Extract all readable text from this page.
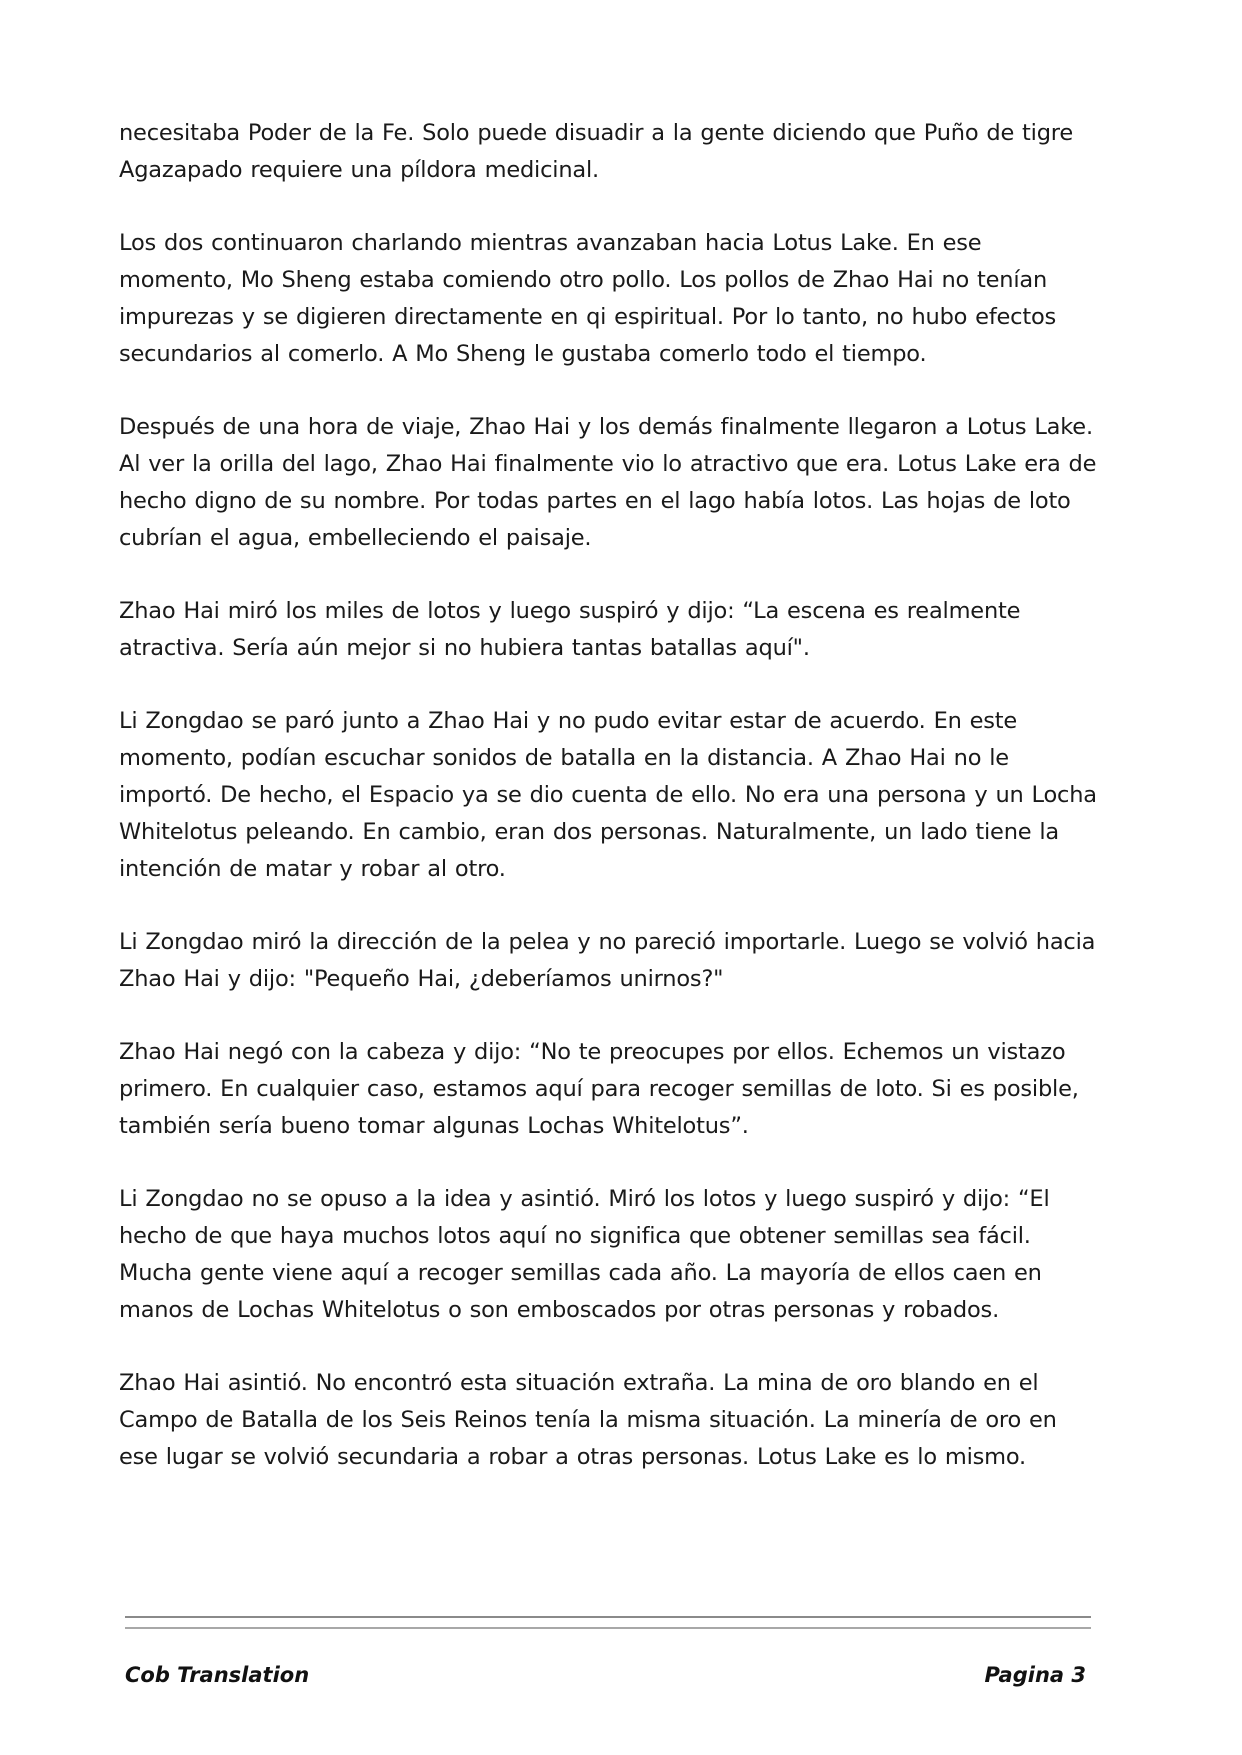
necesitaba Poder de la Fe. Solo puede disuadir a la gente diciendo que Puño de tigre Agazapado requiere una píldora medicinal.

Los dos continuaron charlando mientras avanzaban hacia Lotus Lake. En ese momento, Mo Sheng estaba comiendo otro pollo. Los pollos de Zhao Hai no tenían impurezas y se digieren directamente en qi espiritual. Por lo tanto, no hubo efectos secundarios al comerlo. A Mo Sheng le gustaba comerlo todo el tiempo.

Después de una hora de viaje, Zhao Hai y los demás finalmente llegaron a Lotus Lake. Al ver la orilla del lago, Zhao Hai finalmente vio lo atractivo que era. Lotus Lake era de hecho digno de su nombre. Por todas partes en el lago había lotos. Las hojas de loto cubrían el agua, embelleciendo el paisaje.

Zhao Hai miró los miles de lotos y luego suspiró y dijo: “La escena es realmente atractiva. Sería aún mejor si no hubiera tantas batallas aquí".

Li Zongdao se paró junto a Zhao Hai y no pudo evitar estar de acuerdo. En este momento, podían escuchar sonidos de batalla en la distancia. A Zhao Hai no le importó. De hecho, el Espacio ya se dio cuenta de ello. No era una persona y un Locha Whitelotus peleando. En cambio, eran dos personas. Naturalmente, un lado tiene la intención de matar y robar al otro.

Li Zongdao miró la dirección de la pelea y no pareció importarle. Luego se volvió hacia Zhao Hai y dijo: "Pequeño Hai, ¿deberíamos unirnos?"

Zhao Hai negó con la cabeza y dijo: “No te preocupes por ellos. Echemos un vistazo primero. En cualquier caso, estamos aquí para recoger semillas de loto. Si es posible, también sería bueno tomar algunas Lochas Whitelotus”.

Li Zongdao no se opuso a la idea y asintió. Miró los lotos y luego suspiró y dijo: “El hecho de que haya muchos lotos aquí no significa que obtener semillas sea fácil. Mucha gente viene aquí a recoger semillas cada año. La mayoría de ellos caen en manos de Lochas Whitelotus o son emboscados por otras personas y robados.

Zhao Hai asintió. No encontró esta situación extraña. La mina de oro blando en el Campo de Batalla de los Seis Reinos tenía la misma situación. La minería de oro en ese lugar se volvió secundaria a robar a otras personas. Lotus Lake es lo mismo.

Cob Translation	Pagina 3
